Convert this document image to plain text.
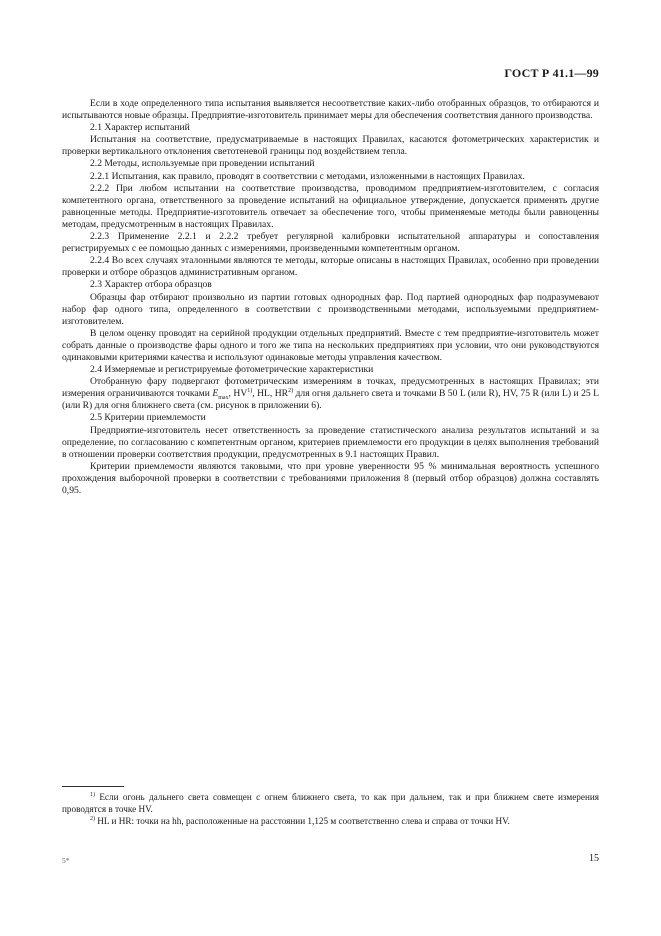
ГОСТ Р 41.1—99

Если в ходе определенного типа испытания выявляется несоответствие каких-либо отобранных образцов, то отбираются и испытываются новые образцы. Предприятие-изготовитель принимает меры для обеспечения соответствия данного производства.

2.1 Характер испытаний

Испытания на соответствие, предусматриваемые в настоящих Правилах, касаются фотометрических характеристик и проверки вертикального отклонения светотеневой границы под воздействием тепла.

2.2 Методы, используемые при проведении испытаний

2.2.1 Испытания, как правило, проводят в соответствии с методами, изложенными в настоящих Правилах.

2.2.2 При любом испытании на соответствие производства, проводимом предприятием-изготовителем, с согласия компетентного органа, ответственного за проведение испытаний на официальное утверждение, допускается применять другие равноценные методы. Предприятие-изготовитель отвечает за обеспечение того, чтобы применяемые методы были равноценны методам, предусмотренным в настоящих Правилах.

2.2.3 Применение 2.2.1 и 2.2.2 требует регулярной калибровки испытательной аппаратуры и сопоставления регистрируемых с ее помощью данных с измерениями, произведенными компетентным органом.

2.2.4 Во всех случаях эталонными являются те методы, которые описаны в настоящих Правилах, особенно при проведении проверки и отборе образцов административным органом.

2.3 Характер отбора образцов

Образцы фар отбирают произвольно из партии готовых однородных фар. Под партией однородных фар подразумевают набор фар одного типа, определенного в соответствии с производственными методами, используемыми предприятием-изготовителем.

В целом оценку проводят на серийной продукции отдельных предприятий. Вместе с тем предприятие-изготовитель может собрать данные о производстве фары одного и того же типа на нескольких предприятиях при условии, что они руководствуются одинаковыми критериями качества и используют одинаковые методы управления качеством.

2.4 Измеряемые и регистрируемые фотометрические характеристики

Отобранную фару подвергают фотометрическим измерениям в точках, предусмотренных в настоящих Правилах; эти измерения ограничиваются точками $E_{max}$, HV$^{1)}$, HL, HR$^{2)}$ для огня дальнего света и точками B 50 L (или R), HV, 75 R (или L) и 25 L (или R) для огня ближнего света (см. рисунок в приложении 6).

2.5 Критерии приемлемости

Предприятие-изготовитель несет ответственность за проведение статистического анализа результатов испытаний и за определение, по согласованию с компетентным органом, критериев приемлемости его продукции в целях выполнения требований в отношении проверки соответствия продукции, предусмотренных в 9.1 настоящих Правил.

Критерии приемлемости являются таковыми, что при уровне уверенности 95 % минимальная вероятность успешного прохождения выборочной проверки в соответствии с требованиями приложения 8 (первый отбор образцов) должна составлять 0,95.

$^{1)}$ Если огонь дальнего света совмещен с огнем ближнего света, то как при дальнем, так и при ближнем свете измерения проводятся в точке HV.

$^{2)}$ HL и HR: точки на hh, расположенные на расстоянии 1,125 м соответственно слева и справа от точки HV.

5*	15
